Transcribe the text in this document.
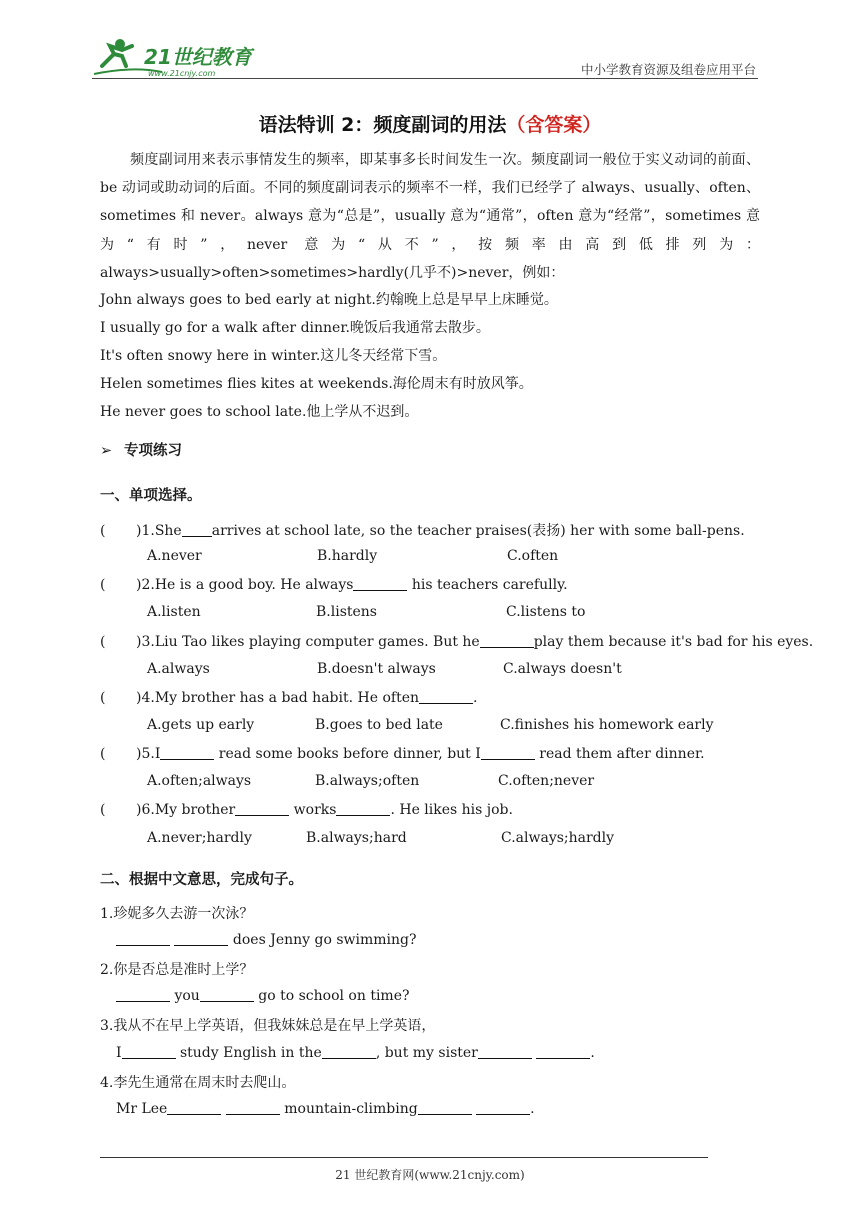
21世纪教育
www.21cnjy.com	中小学教育资源及组卷应用平台
语法特训 2：频度副词的用法（含答案）

频度副词用来表示事情发生的频率，即某事多长时间发生一次。频度副词一般位于实义动词的前面、be 动词或助动词的后面。不同的频度副词表示的频率不一样，我们已经学了 always、usually、often、sometimes 和 never。always 意为“总是”，usually 意为“通常”，often 意为“经常”，sometimes 意为“有时”，never 意为“从不”，按频率由高到低排列为：always>usually>often>sometimes>hardly(几乎不)>never，例如：

John always goes to bed early at night.约翰晚上总是早早上床睡觉。
I usually go for a walk after dinner.晚饭后我通常去散步。
It's often snowy here in winter.这儿冬天经常下雪。
Helen sometimes flies kites at weekends.海伦周末有时放风筝。
He never goes to school late.他上学从不迟到。
➢ 专项练习
一、单项选择。
( )1.She arrives at school late, so the teacher praises(表扬) her with some ball-pens.
A.never	B.hardly	C.often
( )2.He is a good boy. He always	his teachers carefully.
A.listen	B.listens	C.listens to
( )3.Liu Tao likes playing computer games. But he	play them because it's bad for his eyes.
A.always	B.doesn't always	C.always doesn't
( )4.My brother has a bad habit. He often	.
A.gets up early	B.goes to bed late	C.finishes his homework early
( )5.I	read some books before dinner, but I	read them after dinner.
A.often;always	B.always;often	C.often;never
( )6.My brother	works	. He likes his job.
A.never;hardly	B.always;hard	C.always;hardly
二、根据中文意思，完成句子。
1.珍妮多久去游一次泳？
does Jenny go swimming?
2.你是否总是准时上学？
you	go to school on time?
3.我从不在早上学英语，但我妹妹总是在早上学英语，
I	study English in the	, but my sister	.
4.李先生通常在周末时去爬山。
Mr Lee	mountain-climbing	.
21 世纪教育网(www.21cnjy.com)
